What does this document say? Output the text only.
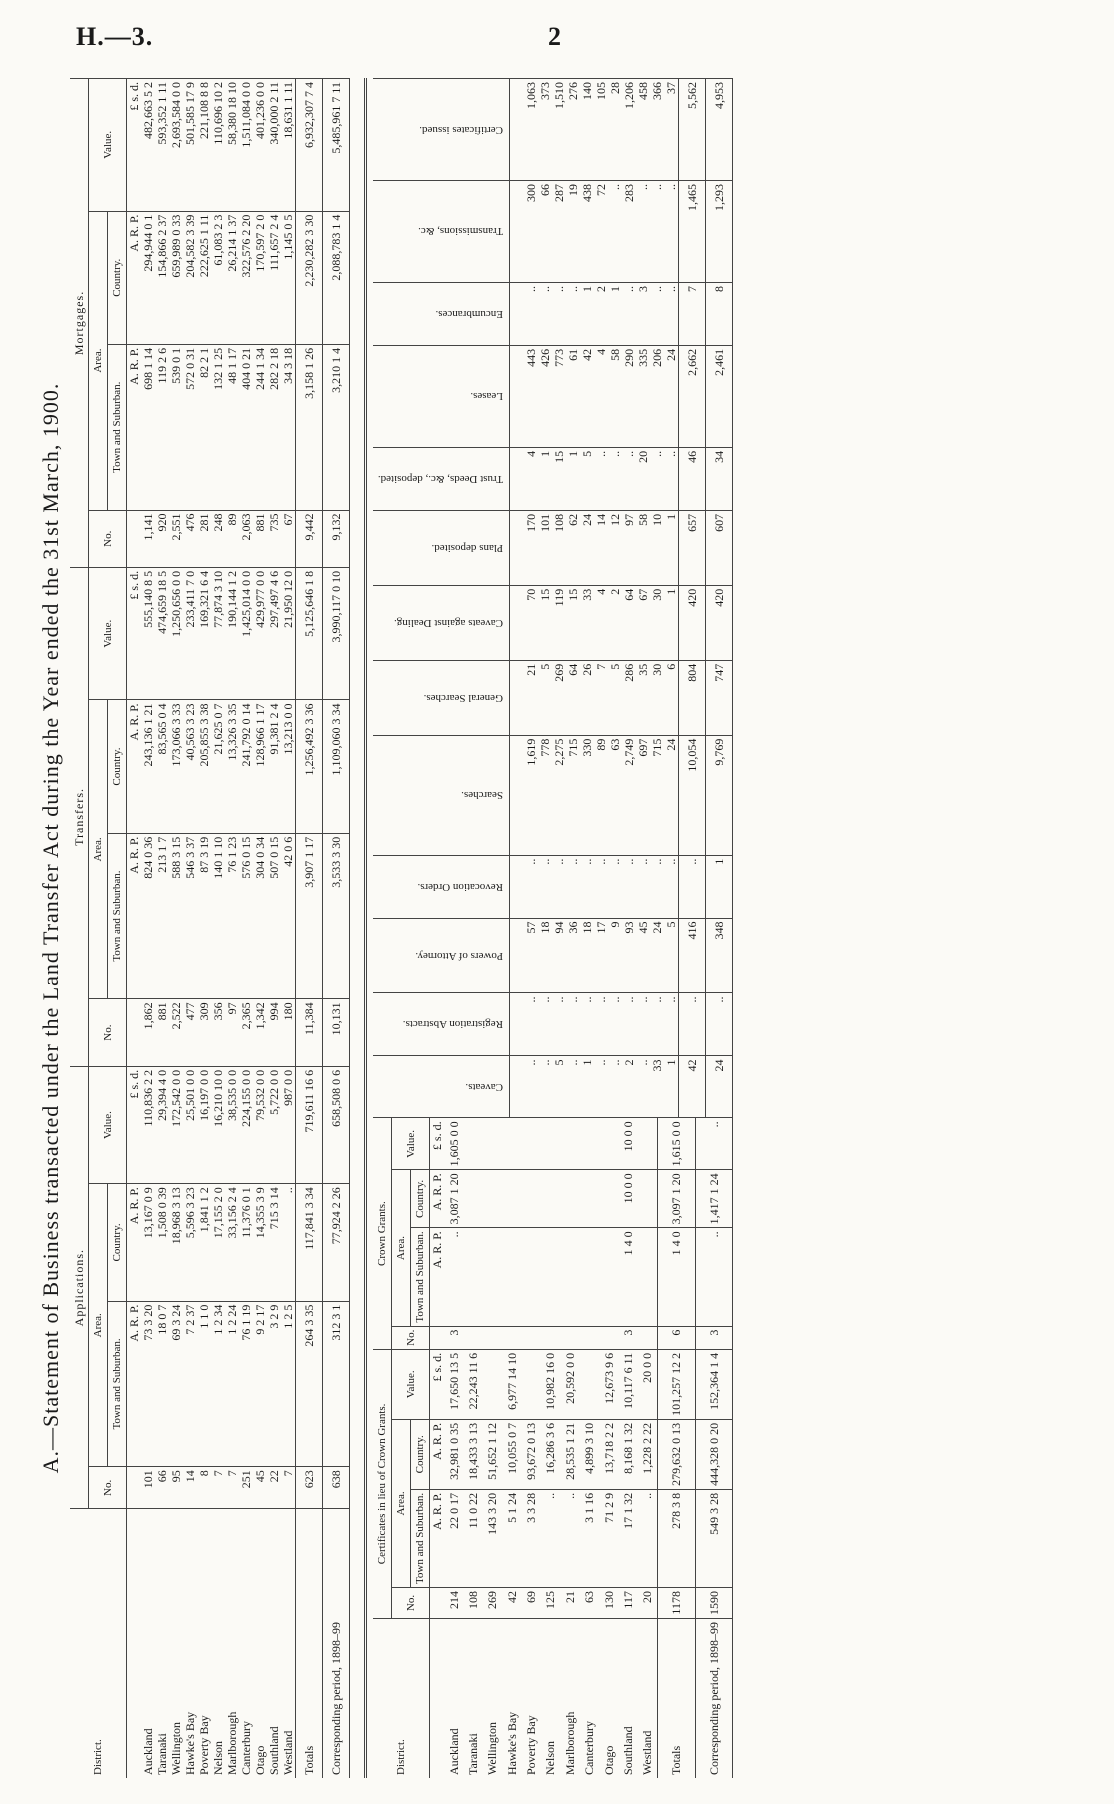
H.—3.	2
A.—Statement of Business transacted under the Land Transfer Act during the Year ended the 31st March, 1900.
District.	Applications.				Transfers.				Mortgages.			
	No.	Area.		Value.	No.	Area.		Value.	No.	Area.		Value.
		Town and Suburban.	Country.			Town and Suburban.	Country.			Town and Suburban.	Country.	
		A. R. P.	A. R. P.	£ s. d.		A. R. P.	A. R. P.	£ s. d.		A. R. P.	A. R. P.	£ s. d.
Auckland	101	73 3 20	13,167 0 9	110,836 2 2	1,862	824 0 36	243,136 1 21	555,140 8 5	1,141	698 1 14	294,944 0 1	482,663 5 2
Taranaki	66	18 0 7	1,508 0 39	29,394 4 0	881	213 1 7	83,565 0 4	474,659 18 5	920	119 2 6	154,866 2 37	593,352 1 11
Wellington	95	69 3 24	18,968 3 13	172,542 0 0	2,522	588 3 15	173,066 3 33	1,250,656 0 0	2,551	539 0 1	659,989 0 33	2,693,584 0 0
Hawke's Bay	14	7 2 37	5,596 3 23	25,501 0 0	477	546 3 37	40,563 3 23	233,411 7 0	476	572 0 31	204,582 3 39	501,585 17 9
Poverty Bay	8	1 1 0	1,841 1 2	16,197 0 0	309	87 3 19	205,855 3 38	169,321 6 4	281	82 2 1	222,625 1 11	221,108 8 8
Nelson	7	1 2 34	17,155 2 0	16,210 10 0	356	140 1 10	21,625 0 7	77,874 3 10	248	132 1 25	61,083 2 3	110,696 10 2
Marlborough	7	1 2 24	33,156 2 4	38,535 0 0	97	76 1 23	13,326 3 35	190,144 1 2	89	48 1 17	26,214 1 37	58,380 18 10
Canterbury	251	76 1 19	11,376 0 1	224,155 0 0	2,365	576 0 15	241,792 0 14	1,425,014 0 0	2,063	404 0 21	322,576 2 20	1,511,084 0 0
Otago	45	9 2 17	14,355 3 9	79,532 0 0	1,342	304 0 34	128,966 1 17	429,977 0 0	881	244 1 34	170,597 2 0	401,236 0 0
Southland	22	3 2 9	715 3 14	5,722 0 0	994	507 0 15	91,381 2 4	297,497 4 6	735	282 2 18	111,657 2 4	340,000 2 11
Westland	7	1 2 5	..	987 0 0	180	42 0 6	13,213 0 0	21,950 12 0	67	34 3 18	1,145 0 5	18,631 1 11
Totals	623	264 3 35	117,841 3 34	719,611 16 6	11,384	3,907 1 17	1,256,492 3 36	5,125,646 1 8	9,442	3,158 1 26	2,230,282 3 30	6,932,307 7 4
Corresponding period, 1898–99	638	312 3 1	77,924 2 26	658,508 0 6	10,131	3,533 3 30	1,109,060 3 34	3,990,117 0 10	9,132	3,210 1 4	2,088,783 1 4	5,485,961 7 11
District.	Certificates in lieu of Crown Grants.				Crown Grants.			
	No.	Area.		Value.	No.	Area.		Value.
		Town and Suburban.	Country.			Town and Suburban.	Country.	
		A. R. P.	A. R. P.	£ s. d.		A. R. P.	A. R. P.	£ s. d.
Auckland	214	22 0 17	32,981 0 35	17,650 13 5	3	..	3,087 1 20	1,605 0 0
Taranaki	108	11 0 22	18,433 3 13	22,243 11 6				
Wellington	269	143 3 20	51,652 1 12					
Hawke's Bay	42	5 1 24	10,055 0 7	6,977 14 10				
Poverty Bay	69	3 3 28	93,672 0 13					
Nelson	125	..	16,286 3 6	10,982 16 0				
Marlborough	21	..	28,535 1 21	20,592 0 0				
Canterbury	63	3 1 16	4,899 3 10					
Otago	130	71 2 9	13,718 2 2	12,673 9 6				
Southland	117	17 1 32	8,168 1 32	10,117 6 11	3	1 4 0	10 0 0	10 0 0
Westland	20	..	1,228 2 22	20 0 0				
Totals	1178	278 3 8	279,632 0 13	101,257 12 2	6	1 4 0	3,097 1 20	1,615 0 0
Corresponding period, 1898–99	1590	549 3 28	444,328 0 20	152,364 1 4	3	..	1,417 1 24	..
Caveats.	Registration Abstracts.	Powers of Attorney.	Revocation Orders.	Searches.	General Searches.	Caveats against Dealing.	Plans deposited.	Trust Deeds, &c., deposited.	Leases.	Encumbrances.	Transmissions, &c.	Certificates issued.

..	..	57	..	1,619	21	70	170	4	443	..	300	1,063
..	..	18	..	778	5	15	101	1	426	..	66	373
5	..	94	..	2,275	269	119	108	15	773	..	287	1,510
..	..	36	..	715	64	15	62	1	61	..	19	276
1	..	18	..	330	26	33	24	5	42	1	438	140
..	..	17	..	89	7	4	14	..	4	2	72	105
..	..	9	..	63	5	2	12	..	58	1	..	28
2	..	93	..	2,749	286	64	97	..	290	..	283	1,206
..	..	45	..	697	35	67	58	20	335	3	..	458
33	..	24	..	715	30	30	10	..	206	..	..	366
1	..	5	..	24	6	1	1	..	24	..	..	37
42	..	416	..	10,054	804	420	657	46	2,662	7	1,465	5,562
24	..	348	1	9,769	747	420	607	34	2,461	8	1,293	4,953
